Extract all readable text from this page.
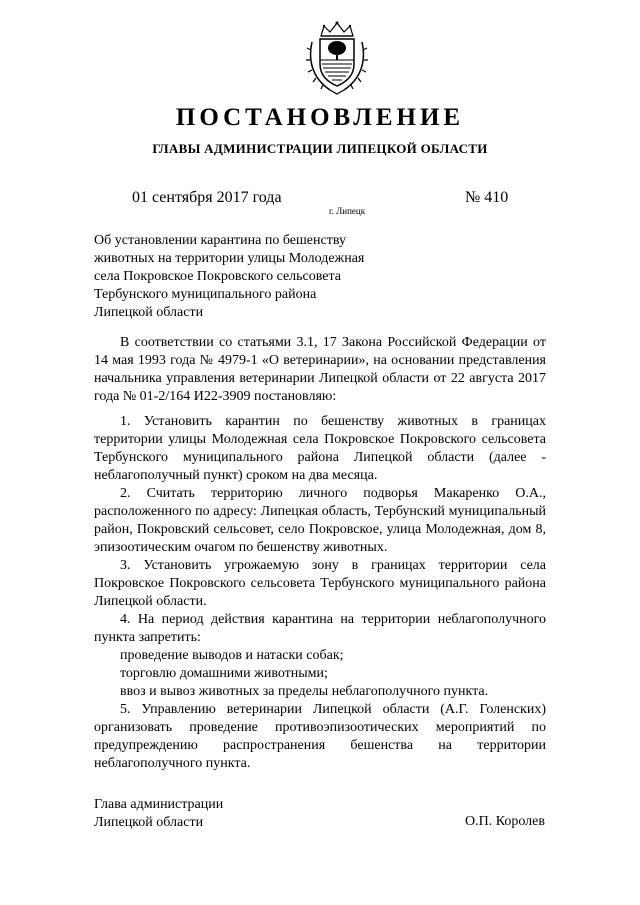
ПОСТАНОВЛЕНИЕ
ГЛАВЫ АДМИНИСТРАЦИИ ЛИПЕЦКОЙ ОБЛАСТИ
01 сентября 2017 года
г. Липецк
№ 410
Об установлении карантина по бешенству
животных на территории улицы Молодежная
села Покровское Покровского сельсовета
Тербунского муниципального района
Липецкой области

В соответствии со статьями 3.1, 17 Закона Российской Федерации от 14 мая 1993 года № 4979-1 «О ветеринарии», на основании представления начальника управления ветеринарии Липецкой области от 22 августа 2017 года № 01-2/164 И22-3909 постановляю:

1. Установить карантин по бешенству животных в границах территории улицы Молодежная села Покровское Покровского сельсовета Тербунского муниципального района Липецкой области (далее - неблагополучный пункт) сроком на два месяца.

2. Считать территорию личного подворья Макаренко О.А., расположенного по адресу: Липецкая область, Тербунский муниципальный район, Покровский сельсовет, село Покровское, улица Молодежная, дом 8, эпизоотическим очагом по бешенству животных.

3. Установить угрожаемую зону в границах территории села Покровское Покровского сельсовета Тербунского муниципального района Липецкой области.

4. На период действия карантина на территории неблагополучного пункта запретить:

проведение выводов и натаски собак;

торговлю домашними животными;

ввоз и вывоз животных за пределы неблагополучного пункта.

5. Управлению ветеринарии Липецкой области (А.Г. Голенских) организовать проведение противоэпизоотических мероприятий по предупреждению распространения бешенства на территории неблагополучного пункта.

Глава администрации
Липецкой области	О.П. Королев
